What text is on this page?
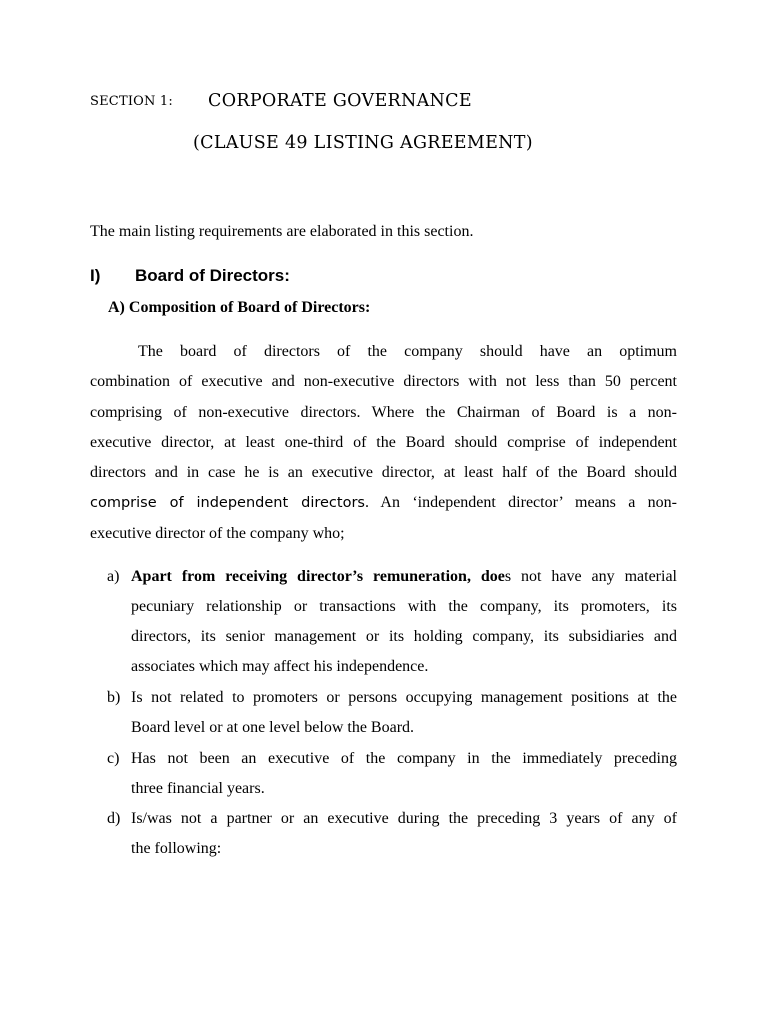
SECTION 1: CORPORATE GOVERNANCE
(CLAUSE 49 LISTING AGREEMENT)
The main listing requirements are elaborated in this section.
I) Board of Directors:
A) Composition of Board of Directors:
The board of directors of the company should have an optimum
combination of executive and non-executive directors with not less than 50 percent
comprising of non-executive directors. Where the Chairman of Board is a non-
executive director, at least one-third of the Board should comprise of independent
directors and in case he is an executive director, at least half of the Board should
comprise of independent directors. An ‘independent director’ means a non-
executive director of the company who;
a) Apart from receiving director’s remuneration, does not have any material
pecuniary relationship or transactions with the company, its promoters, its
directors, its senior management or its holding company, its subsidiaries and
associates which may affect his independence.
b) Is not related to promoters or persons occupying management positions at the
Board level or at one level below the Board.
c) Has not been an executive of the company in the immediately preceding
three financial years.
d) Is/was not a partner or an executive during the preceding 3 years of any of
the following:
